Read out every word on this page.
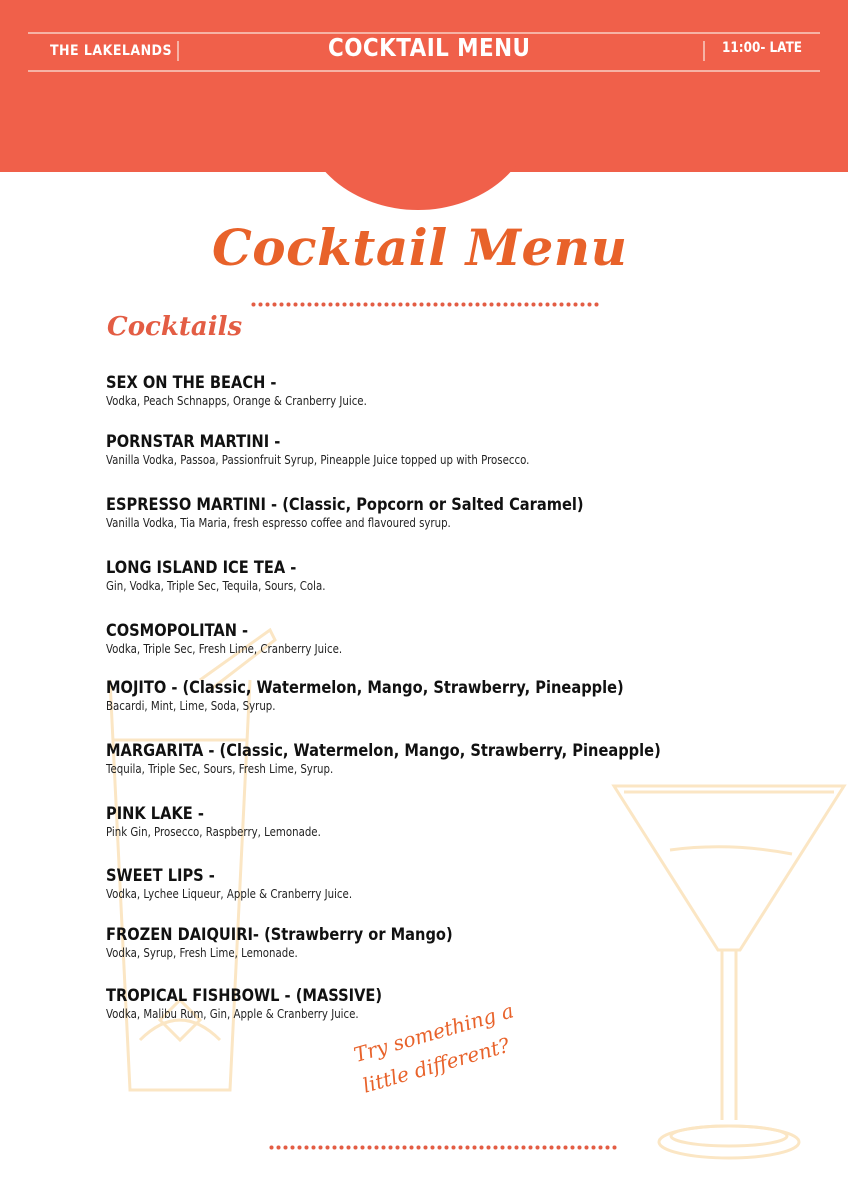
THE LAKELANDS	COCKTAIL MENU	11:00- LATE
Cocktail Menu
Cocktails
SEX ON THE BEACH -
Vodka, Peach Schnapps, Orange & Cranberry Juice.
PORNSTAR MARTINI -
Vanilla Vodka, Passoa, Passionfruit Syrup, Pineapple Juice topped up with Prosecco.
ESPRESSO MARTINI - (Classic, Popcorn or Salted Caramel)
Vanilla Vodka, Tia Maria, fresh espresso coffee and flavoured syrup.
LONG ISLAND ICE TEA -
Gin, Vodka, Triple Sec, Tequila, Sours, Cola.
COSMOPOLITAN -
Vodka, Triple Sec, Fresh Lime, Cranberry Juice.
MOJITO - (Classic, Watermelon, Mango, Strawberry, Pineapple)
Bacardi, Mint, Lime, Soda, Syrup.
MARGARITA - (Classic, Watermelon, Mango, Strawberry, Pineapple)
Tequila, Triple Sec, Sours, Fresh Lime, Syrup.
PINK LAKE -
Pink Gin, Prosecco, Raspberry, Lemonade.
SWEET LIPS -
Vodka, Lychee Liqueur, Apple & Cranberry Juice.
FROZEN DAIQUIRI- (Strawberry or Mango)
Vodka, Syrup, Fresh Lime, Lemonade.
TROPICAL FISHBOWL - (MASSIVE)
Vodka, Malibu Rum, Gin, Apple & Cranberry Juice.
Try something a little different?
